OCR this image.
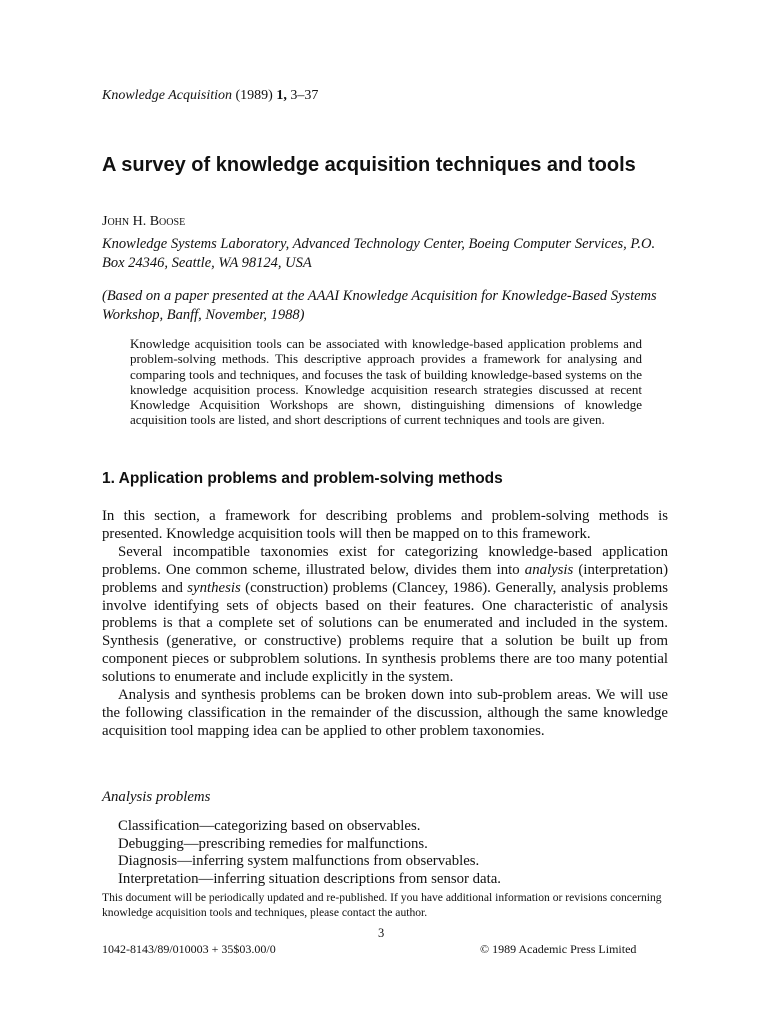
Knowledge Acquisition (1989) 1, 3–37
A survey of knowledge acquisition techniques and tools
John H. Boose
Knowledge Systems Laboratory, Advanced Technology Center, Boeing Computer Services, P.O. Box 24346, Seattle, WA 98124, USA
(Based on a paper presented at the AAAI Knowledge Acquisition for Knowledge-Based Systems Workshop, Banff, November, 1988)

Knowledge acquisition tools can be associated with knowledge-based application problems and problem-solving methods. This descriptive approach provides a framework for analysing and comparing tools and techniques, and focuses the task of building knowledge-based systems on the knowledge acquisition process. Knowledge acquisition research strategies discussed at recent Knowledge Acquisition Workshops are shown, distinguishing dimensions of knowledge acquisition tools are listed, and short descriptions of current techniques and tools are given.

1. Application problems and problem-solving methods

In this section, a framework for describing problems and problem-solving methods is presented. Knowledge acquisition tools will then be mapped on to this framework.

Several incompatible taxonomies exist for categorizing knowledge-based application problems. One common scheme, illustrated below, divides them into analysis (interpretation) problems and synthesis (construction) problems (Clancey, 1986). Generally, analysis problems involve identifying sets of objects based on their features. One characteristic of analysis problems is that a complete set of solutions can be enumerated and included in the system. Synthesis (generative, or constructive) problems require that a solution be built up from component pieces or subproblem solutions. In synthesis problems there are too many potential solutions to enumerate and include explicitly in the system.

Analysis and synthesis problems can be broken down into sub-problem areas. We will use the following classification in the remainder of the discussion, although the same knowledge acquisition tool mapping idea can be applied to other problem taxonomies.

Analysis problems
Classification—categorizing based on observables.
Debugging—prescribing remedies for malfunctions.
Diagnosis—inferring system malfunctions from observables.
Interpretation—inferring situation descriptions from sensor data.
This document will be periodically updated and re-published. If you have additional information or revisions concerning knowledge acquisition tools and techniques, please contact the author.
3
1042-8143/89/010003 + 35$03.00/0	© 1989 Academic Press Limited
